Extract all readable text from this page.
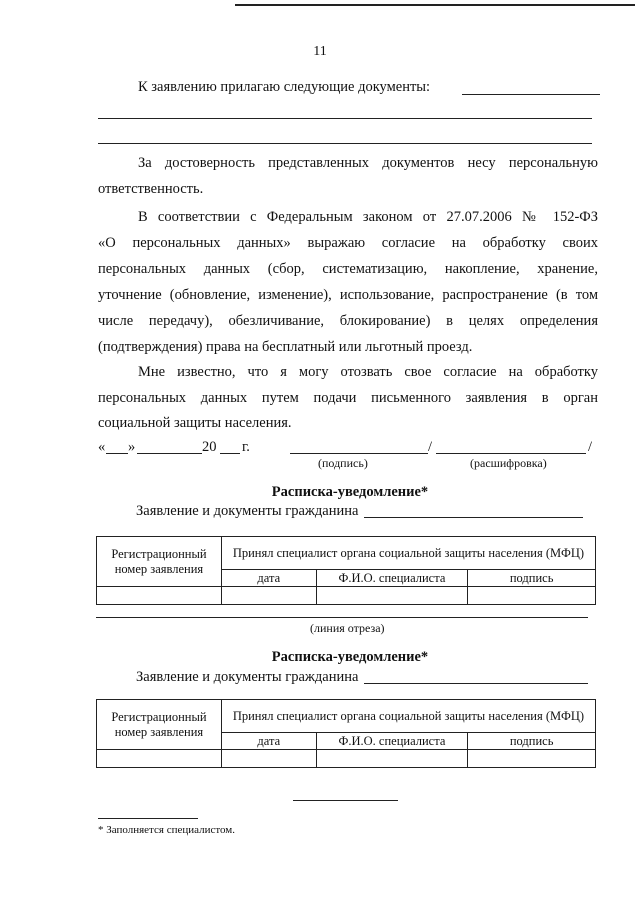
11
К заявлению прилагаю следующие документы:
За достоверность представленных документов несу персональную
ответственность.
В соответствии с Федеральным законом от 27.07.2006 № 152-ФЗ
«О персональных данных» выражаю согласие на обработку своих
персональных данных (сбор, систематизацию, накопление, хранение,
уточнение (обновление, изменение), использование, распространение (в том
числе передачу), обезличивание, блокирование) в целях определения
(подтверждения) права на бесплатный или льготный проезд.
Мне известно, что я могу отозвать свое согласие на обработку
персональных данных путем подачи письменного заявления в орган
социальной защиты населения.
« »	20 г.	/	/
(подпись)	(расшифровка)
Расписка-уведомление*
Заявление и документы гражданина
Регистрационный номер заявления	Принял специалист органа социальной защиты населения (МФЦ)		
	дата	Ф.И.О. специалиста	подпись

(линия отреза)
Расписка-уведомление*
Заявление и документы гражданина
Регистрационный номер заявления	Принял специалист органа социальной защиты населения (МФЦ)		
	дата	Ф.И.О. специалиста	подпись

* Заполняется специалистом.
